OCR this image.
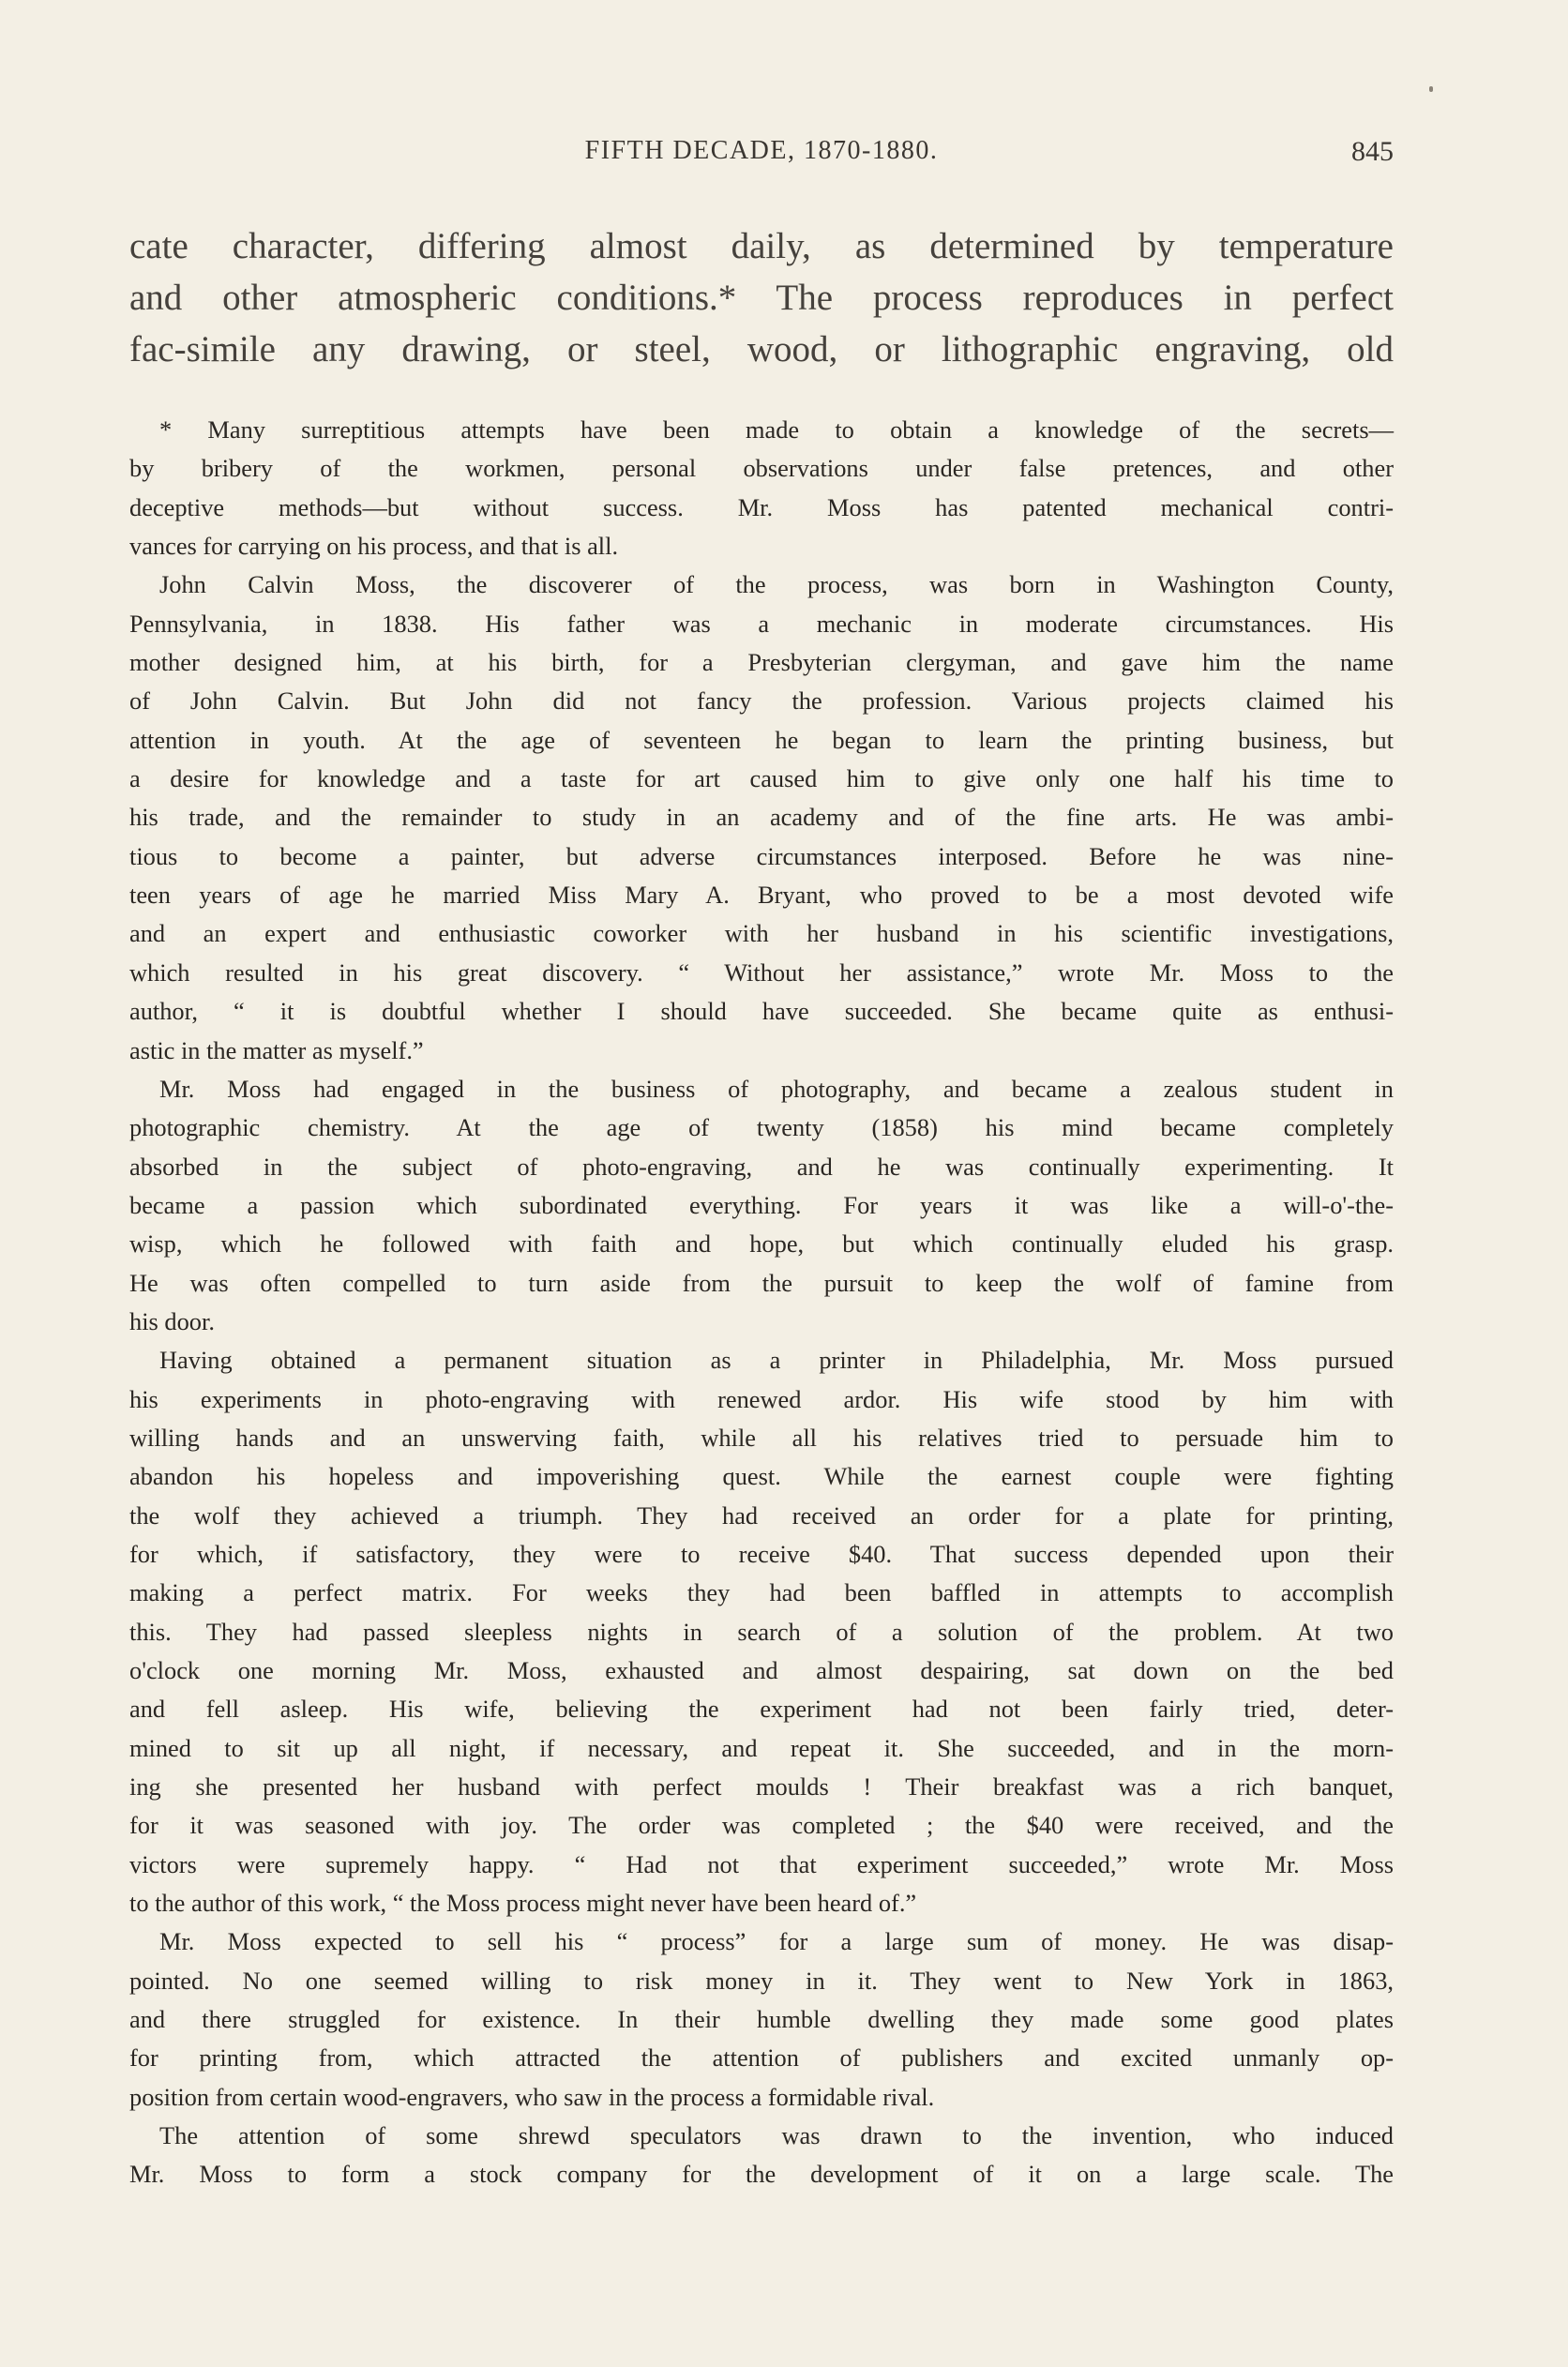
FIFTH DECADE, 1870-1880.	845
cate character, differing almost daily, as determined by temperature
and other atmospheric conditions.* The process reproduces in perfect
fac-simile any drawing, or steel, wood, or lithographic engraving, old
* Many surreptitious attempts have been made to obtain a knowledge of the secrets—
by bribery of the workmen, personal observations under false pretences, and other
deceptive methods—but without success. Mr. Moss has patented mechanical contri-
vances for carrying on his process, and that is all.
John Calvin Moss, the discoverer of the process, was born in Washington County,
Pennsylvania, in 1838. His father was a mechanic in moderate circumstances. His
mother designed him, at his birth, for a Presbyterian clergyman, and gave him the name
of John Calvin. But John did not fancy the profession. Various projects claimed his
attention in youth. At the age of seventeen he began to learn the printing business, but
a desire for knowledge and a taste for art caused him to give only one half his time to
his trade, and the remainder to study in an academy and of the fine arts. He was ambi-
tious to become a painter, but adverse circumstances interposed. Before he was nine-
teen years of age he married Miss Mary A. Bryant, who proved to be a most devoted wife
and an expert and enthusiastic coworker with her husband in his scientific investigations,
which resulted in his great discovery. “ Without her assistance,” wrote Mr. Moss to the
author, “ it is doubtful whether I should have succeeded. She became quite as enthusi-
astic in the matter as myself.”
Mr. Moss had engaged in the business of photography, and became a zealous student in
photographic chemistry. At the age of twenty (1858) his mind became completely
absorbed in the subject of photo-engraving, and he was continually experimenting. It
became a passion which subordinated everything. For years it was like a will-o'-the-
wisp, which he followed with faith and hope, but which continually eluded his grasp.
He was often compelled to turn aside from the pursuit to keep the wolf of famine from
his door.
Having obtained a permanent situation as a printer in Philadelphia, Mr. Moss pursued
his experiments in photo-engraving with renewed ardor. His wife stood by him with
willing hands and an unswerving faith, while all his relatives tried to persuade him to
abandon his hopeless and impoverishing quest. While the earnest couple were fighting
the wolf they achieved a triumph. They had received an order for a plate for printing,
for which, if satisfactory, they were to receive $40. That success depended upon their
making a perfect matrix. For weeks they had been baffled in attempts to accomplish
this. They had passed sleepless nights in search of a solution of the problem. At two
o'clock one morning Mr. Moss, exhausted and almost despairing, sat down on the bed
and fell asleep. His wife, believing the experiment had not been fairly tried, deter-
mined to sit up all night, if necessary, and repeat it. She succeeded, and in the morn-
ing she presented her husband with perfect moulds ! Their breakfast was a rich banquet,
for it was seasoned with joy. The order was completed ; the $40 were received, and the
victors were supremely happy. “ Had not that experiment succeeded,” wrote Mr. Moss
to the author of this work, “ the Moss process might never have been heard of.”
Mr. Moss expected to sell his “ process” for a large sum of money. He was disap-
pointed. No one seemed willing to risk money in it. They went to New York in 1863,
and there struggled for existence. In their humble dwelling they made some good plates
for printing from, which attracted the attention of publishers and excited unmanly op-
position from certain wood-engravers, who saw in the process a formidable rival.
The attention of some shrewd speculators was drawn to the invention, who induced
Mr. Moss to form a stock company for the development of it on a large scale. The
